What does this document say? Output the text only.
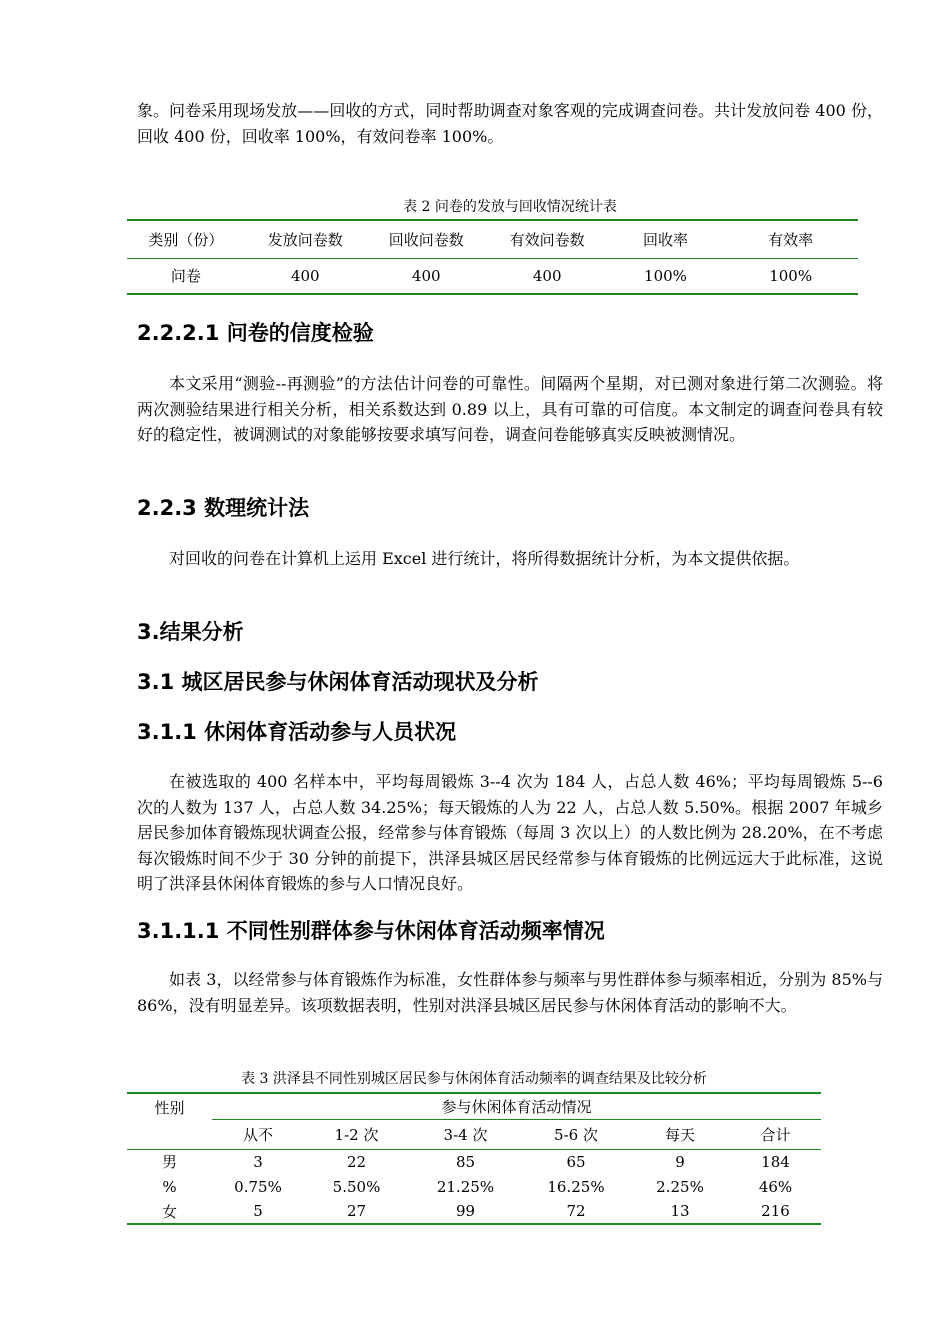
象。问卷采用现场发放——回收的方式，同时帮助调查对象客观的完成调查问卷。共计发放问卷 400 份，回收 400 份，回收率 100%，有效问卷率 100%。

表 2 问卷的发放与回收情况统计表

类别（份）	发放问卷数	回收问卷数	有效问卷数	回收率	有效率
问卷	400	400	400	100%	100%
2.2.2.1 问卷的信度检验

本文采用“测验--再测验”的方法估计问卷的可靠性。间隔两个星期，对已测对象进行第二次测验。将两次测验结果进行相关分析，相关系数达到 0.89 以上，具有可靠的可信度。本文制定的调查问卷具有较好的稳定性，被调测试的对象能够按要求填写问卷，调查问卷能够真实反映被测情况。

2.2.3 数理统计法

对回收的问卷在计算机上运用 Excel 进行统计，将所得数据统计分析，为本文提供依据。

3.结果分析
3.1 城区居民参与休闲体育活动现状及分析
3.1.1 休闲体育活动参与人员状况

在被选取的 400 名样本中，平均每周锻炼 3--4 次为 184 人，占总人数 46%；平均每周锻炼 5--6 次的人数为 137 人，占总人数 34.25%；每天锻炼的人为 22 人，占总人数 5.50%。根据 2007 年城乡居民参加体育锻炼现状调查公报，经常参与体育锻炼（每周 3 次以上）的人数比例为 28.20%，在不考虑每次锻炼时间不少于 30 分钟的前提下，洪泽县城区居民经常参与体育锻炼的比例远远大于此标准，这说明了洪泽县休闲体育锻炼的参与人口情况良好。

3.1.1.1 不同性别群体参与休闲体育活动频率情况

如表 3，以经常参与体育锻炼作为标准，女性群体参与频率与男性群体参与频率相近，分别为 85%与 86%，没有明显差异。该项数据表明，性别对洪泽县城区居民参与休闲体育活动的影响不大。

表 3 洪泽县不同性别城区居民参与休闲体育活动频率的调查结果及比较分析

性别	参与休闲体育活动情况					
	从不	1-2 次	3-4 次	5-6 次	每天	合计
男	3	22	85	65	9	184
%	0.75%	5.50%	21.25%	16.25%	2.25%	46%
女	5	27	99	72	13	216
